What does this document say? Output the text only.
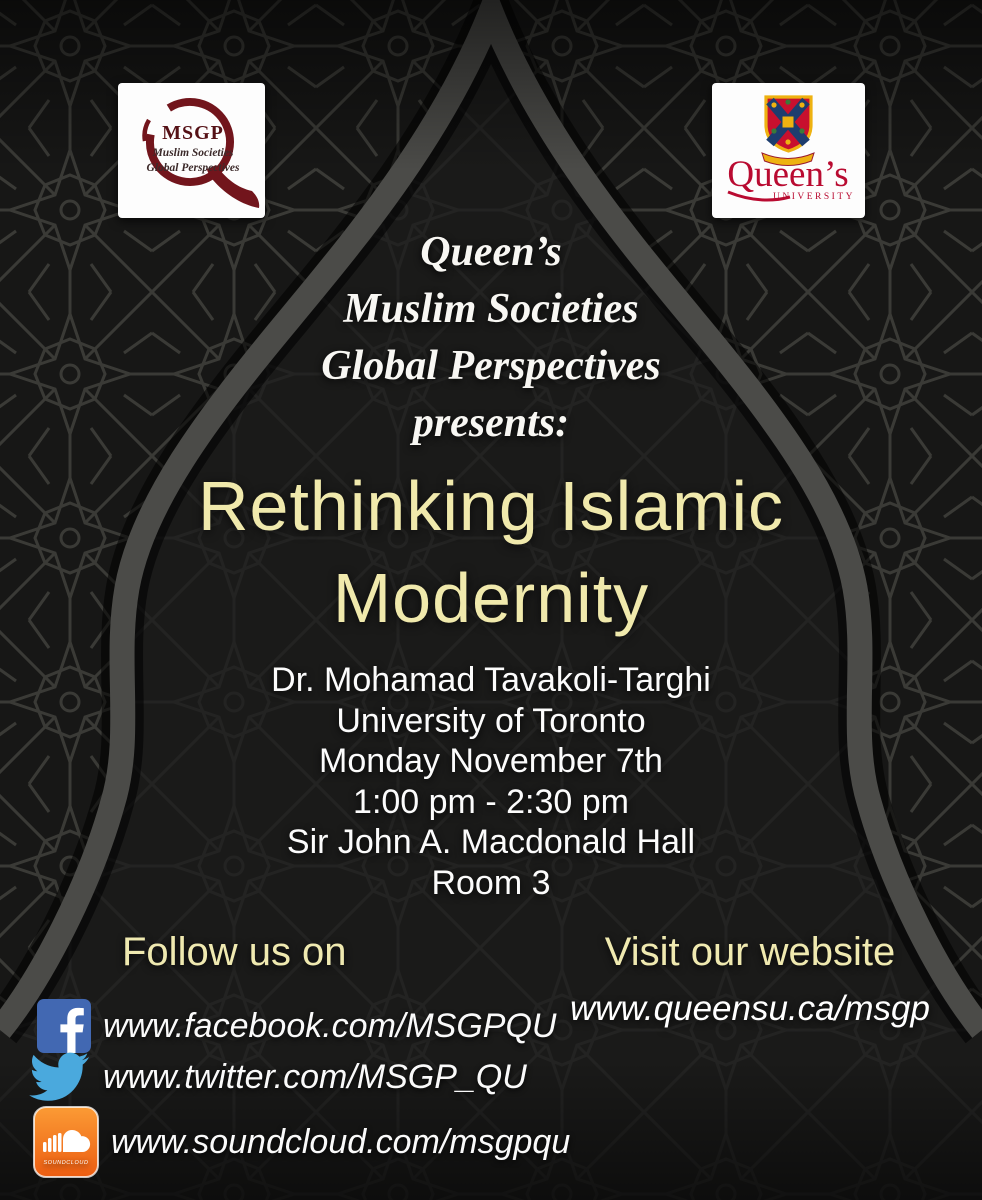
MSGP
Muslim Societies
Global Perspectives	Queen’s
UNIVERSITY
Queen’s
Muslim Societies
Global Perspectives
presents:
Rethinking Islamic
Modernity
Dr. Mohamad Tavakoli-Targhi
University of Toronto
Monday November 7th
1:00 pm - 2:30 pm
Sir John A. Macdonald Hall
Room 3
Follow us on	Visit our website
www.queensu.ca/msgp
www.facebook.com/MSGPQU
www.twitter.com/MSGP_QU
SOUNDCLOUD
www.soundcloud.com/msgpqu
